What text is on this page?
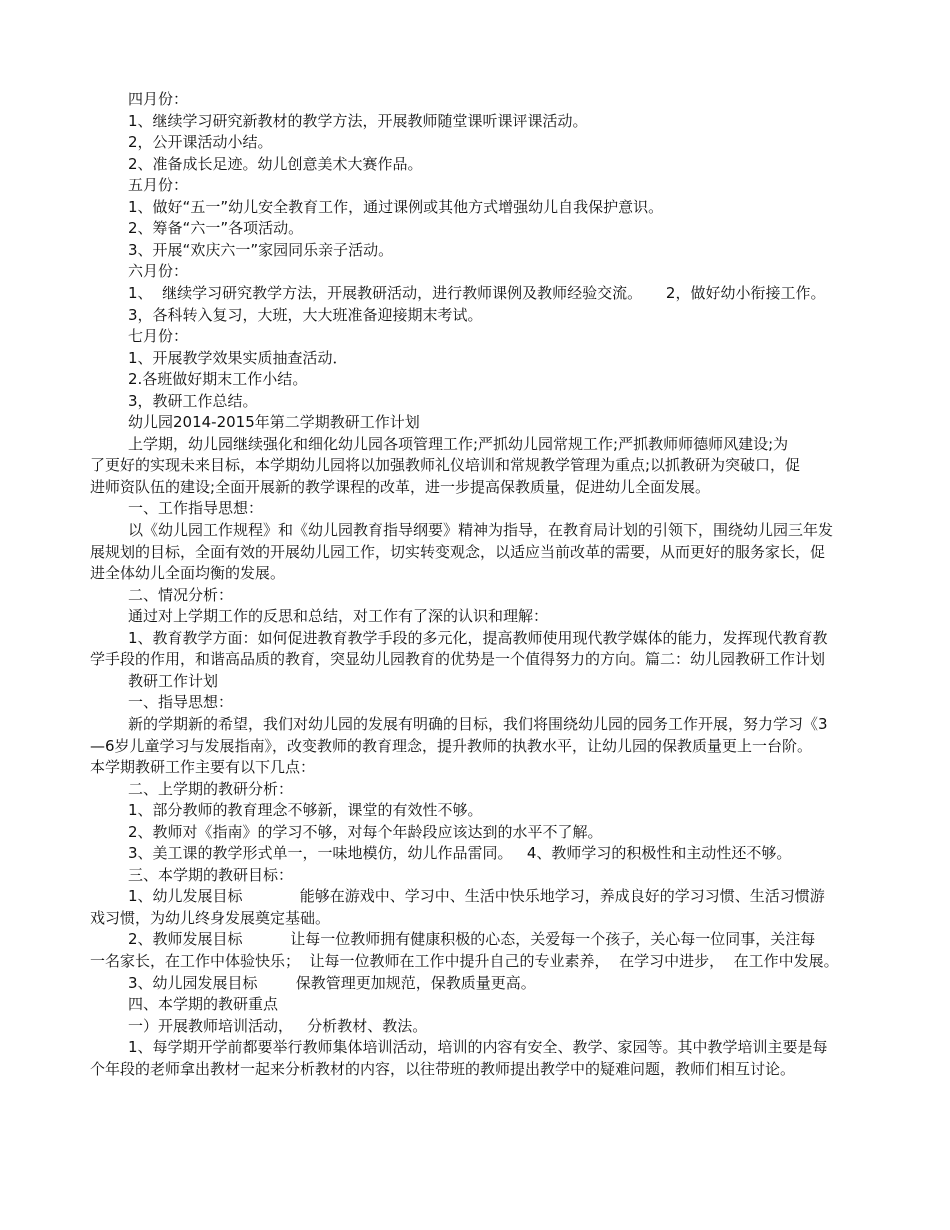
四月份：
1、继续学习研究新教材的教学方法，开展教师随堂课听课评课活动。
2，公开课活动小结。
2、准备成长足迹。幼儿创意美术大赛作品。
五月份：
1、做好“五一”幼儿安全教育工作，通过课例或其他方式增强幼儿自我保护意识。
2、筹备“六一”各项活动。
3、开展“欢庆六一”家园同乐亲子活动。
六月份：
1、  继续学习研究教学方法，开展教研活动，进行教师课例及教师经验交流。     2，做好幼小衔接工作。
3，各科转入复习，大班，大大班准备迎接期末考试。
七月份：
1、开展教学效果实质抽查活动．
2.各班做好期末工作小结。
3，教研工作总结。
幼儿园2014-2015年第二学期教研工作计划
上学期，幼儿园继续强化和细化幼儿园各项管理工作;严抓幼儿园常规工作;严抓教师师德师风建设;为
了更好的实现未来目标，本学期幼儿园将以加强教师礼仪培训和常规教学管理为重点;以抓教研为突破口，促
进师资队伍的建设;全面开展新的教学课程的改革，进一步提高保教质量，促进幼儿全面发展。
一、工作指导思想：
以《幼儿园工作规程》和《幼儿园教育指导纲要》精神为指导，在教育局计划的引领下，围绕幼儿园三年发
展规划的目标，全面有效的开展幼儿园工作，切实转变观念，以适应当前改革的需要，从而更好的服务家长，促
进全体幼儿全面均衡的发展。
二、情况分析：
通过对上学期工作的反思和总结，对工作有了深的认识和理解：
1、教育教学方面：如何促进教育教学手段的多元化，提高教师使用现代教学媒体的能力，发挥现代教育教
学手段的作用，和谐高品质的教育，突显幼儿园教育的优势是一个值得努力的方向。篇二：幼儿园教研工作计划
教研工作计划
一、指导思想：
新的学期新的希望，我们对幼儿园的发展有明确的目标，我们将围绕幼儿园的园务工作开展，努力学习《3
—6岁儿童学习与发展指南》，改变教师的教育理念，提升教师的执教水平，让幼儿园的保教质量更上一台阶。
本学期教研工作主要有以下几点：
二、上学期的教研分析：
1、部分教师的教育理念不够新，课堂的有效性不够。
2、教师对《指南》的学习不够，对每个年龄段应该达到的水平不了解。
3、美工课的教学形式单一，一味地模仿，幼儿作品雷同。   4、教师学习的积极性和主动性还不够。
三、本学期的教研目标：
1、幼儿发展目标            能够在游戏中、学习中、生活中快乐地学习，养成良好的学习习惯、生活习惯游
戏习惯，为幼儿终身发展奠定基础。
2、教师发展目标          让每一位教师拥有健康积极的心态，关爱每一个孩子，关心每一位同事，关注每
一名家长，在工作中体验快乐；  让每一位教师在工作中提升自己的专业素养，  在学习中进步，  在工作中发展。
3、幼儿园发展目标        保教管理更加规范，保教质量更高。
四、本学期的教研重点
一）开展教师培训活动，   分析教材、教法。
1、每学期开学前都要举行教师集体培训活动，培训的内容有安全、教学、家园等。其中教学培训主要是每
个年段的老师拿出教材一起来分析教材的内容，以往带班的教师提出教学中的疑难问题，教师们相互讨论。
